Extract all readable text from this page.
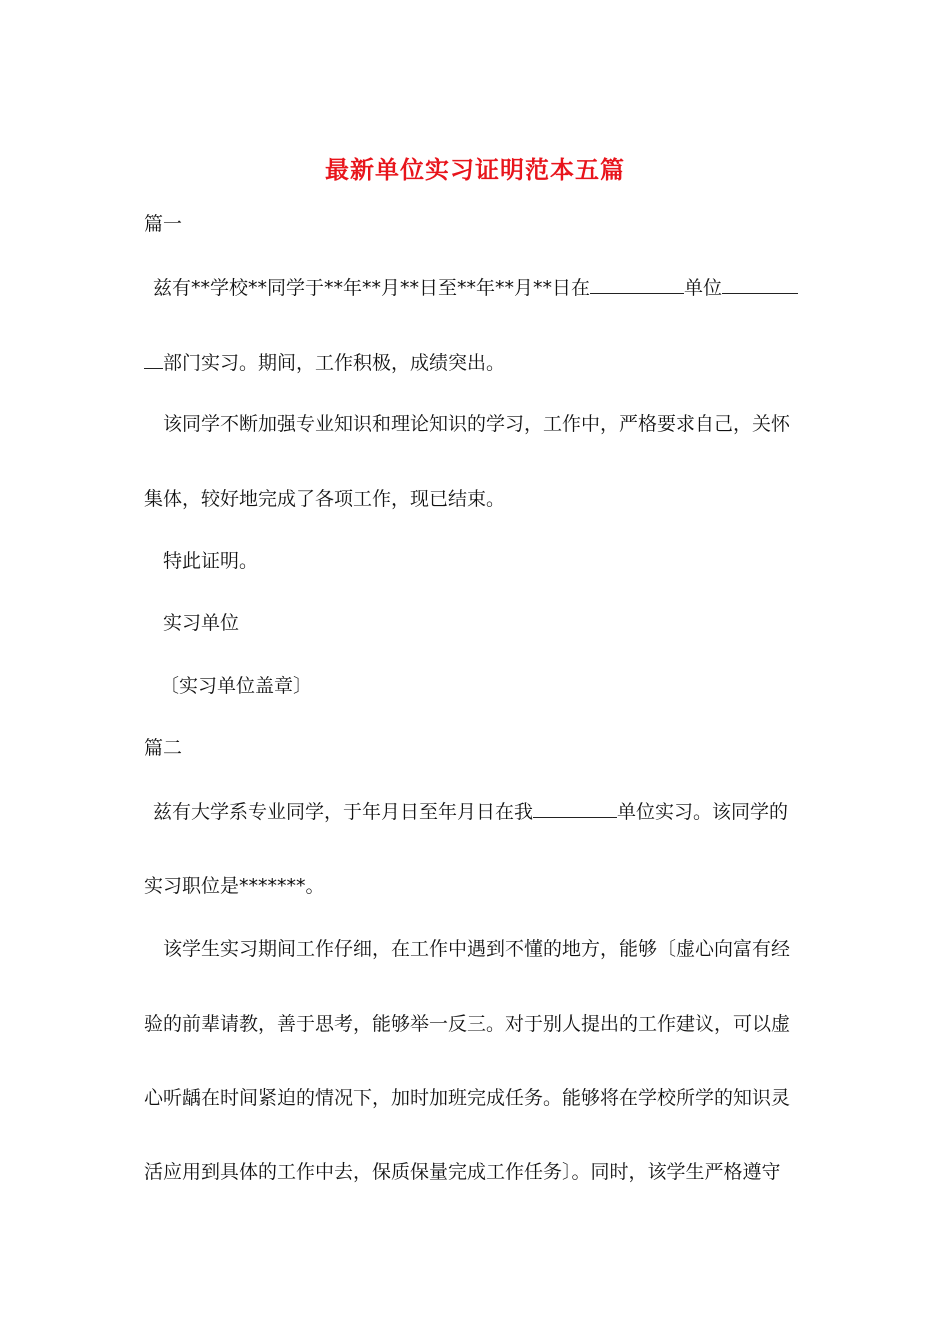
最新单位实习证明范本五篇
篇一
兹有**学校**同学于**年**月**日至**年**月**日在	单位
部门实习。期间，工作积极，成绩突出。
该同学不断加强专业知识和理论知识的学习，工作中，严格要求自己，关怀
集体，较好地完成了各项工作，现已结束。
特此证明。
实习单位
〔实习单位盖章〕
篇二
兹有大学系专业同学，于年月日至年月日在我	单位实习。该同学的
实习职位是*******。
该学生实习期间工作仔细，在工作中遇到不懂的地方，能够〔虚心向富有经
验的前辈请教，善于思考，能够举一反三。对于别人提出的工作建议，可以虚
心听龋在时间紧迫的情况下，加时加班完成任务。能够将在学校所学的知识灵
活应用到具体的工作中去，保质保量完成工作任务〕。同时，该学生严格遵守
